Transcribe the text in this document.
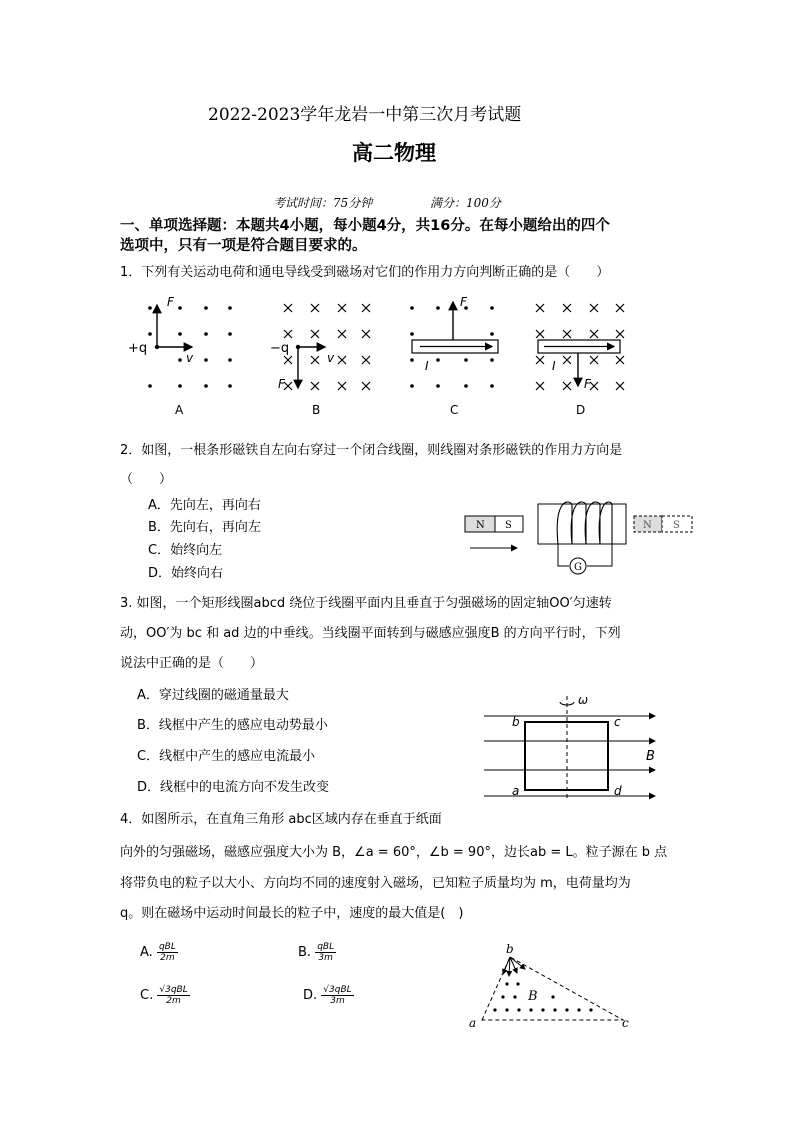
2022-2023学年龙岩一中第三次月考试题
高二物理
考试时间：75分钟	满分：100分
一、单项选择题：本题共4小题，每小题4分，共16分。在每小题给出的四个
选项中，只有一项是符合题目要求的。
1．下列有关运动电荷和通电导线受到磁场对它们的作用力方向判断正确的是（　　）
F
+q
v
A
−q
v
F
B
F
I
C
F
I
D
2．如图，一根条形磁铁自左向右穿过一个闭合线圈，则线圈对条形磁铁的作用力方向是
（　　）
A．先向左，再向右
B．先向右，再向左
C．始终向左
D．始终向右
N S
G
N S
3. 如图，一个矩形线圈abcd 绕位于线圈平面内且垂直于匀强磁场的固定轴OO′匀速转
动，OO′为 bc 和 ad 边的中垂线。当线圈平面转到与磁感应强度B 的方向平行时，下列
说法中正确的是（　　）
A．穿过线圈的磁通量最大
B．线框中产生的感应电动势最小
C．线框中产生的感应电流最小
D．线框中的电流方向不发生改变
ω
b	c
a	d
B
4．如图所示，在直角三角形 abc区域内存在垂直于纸面
向外的匀强磁场，磁感应强度大小为 B，∠a = 60°，∠b = 90°，边长ab = L。粒子源在 b 点
将带负电的粒子以大小、方向均不同的速度射入磁场，已知粒子质量均为 m，电荷量均为
q。则在磁场中运动时间最长的粒子中，速度的最大值是(　)
A. $\frac{\text{qBL}}{2m}$	B. $\frac{\text{qBL}}{3m}$
C. $\frac{\text{√3qBL}}{2m}$	D. $\frac{\text{√3qBL}}{3m}$
b
a	c
B
